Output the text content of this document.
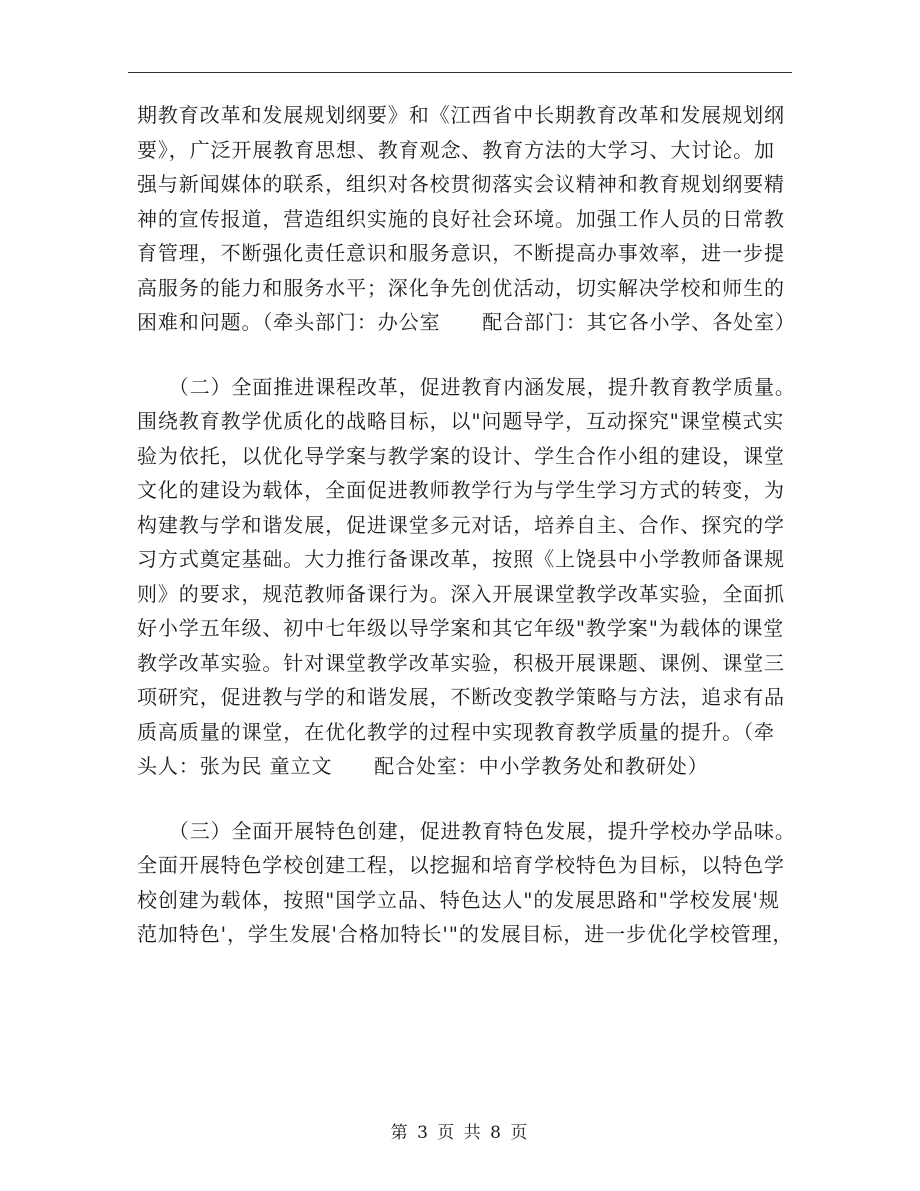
期教育改革和发展规划纲要》和《江西省中长期教育改革和发展规划纲
要》，广泛开展教育思想、教育观念、教育方法的大学习、大讨论。加
强与新闻媒体的联系，组织对各校贯彻落实会议精神和教育规划纲要精
神的宣传报道，营造组织实施的良好社会环境。加强工作人员的日常教
育管理，不断强化责任意识和服务意识，不断提高办事效率，进一步提
高服务的能力和服务水平；深化争先创优活动，切实解决学校和师生的
困难和问题。（牵头部门：办公室　　配合部门：其它各小学、各处室）
　　（二）全面推进课程改革，促进教育内涵发展，提升教育教学质量。
围绕教育教学优质化的战略目标，以"问题导学，互动探究"课堂模式实
验为依托，以优化导学案与教学案的设计、学生合作小组的建设，课堂
文化的建设为载体，全面促进教师教学行为与学生学习方式的转变，为
构建教与学和谐发展，促进课堂多元对话，培养自主、合作、探究的学
习方式奠定基础。大力推行备课改革，按照《上饶县中小学教师备课规
则》的要求，规范教师备课行为。深入开展课堂教学改革实验，全面抓
好小学五年级、初中七年级以导学案和其它年级"教学案"为载体的课堂
教学改革实验。针对课堂教学改革实验，积极开展课题、课例、课堂三
项研究，促进教与学的和谐发展，不断改变教学策略与方法，追求有品
质高质量的课堂，在优化教学的过程中实现教育教学质量的提升。（牵
头人：张为民 童立文　　配合处室：中小学教务处和教研处）
　　（三）全面开展特色创建，促进教育特色发展，提升学校办学品味。
全面开展特色学校创建工程，以挖掘和培育学校特色为目标，以特色学
校创建为载体，按照"国学立品、特色达人"的发展思路和"学校发展'规
范加特色'，学生发展'合格加特长'"的发展目标，进一步优化学校管理，
第 3 页 共 8 页
